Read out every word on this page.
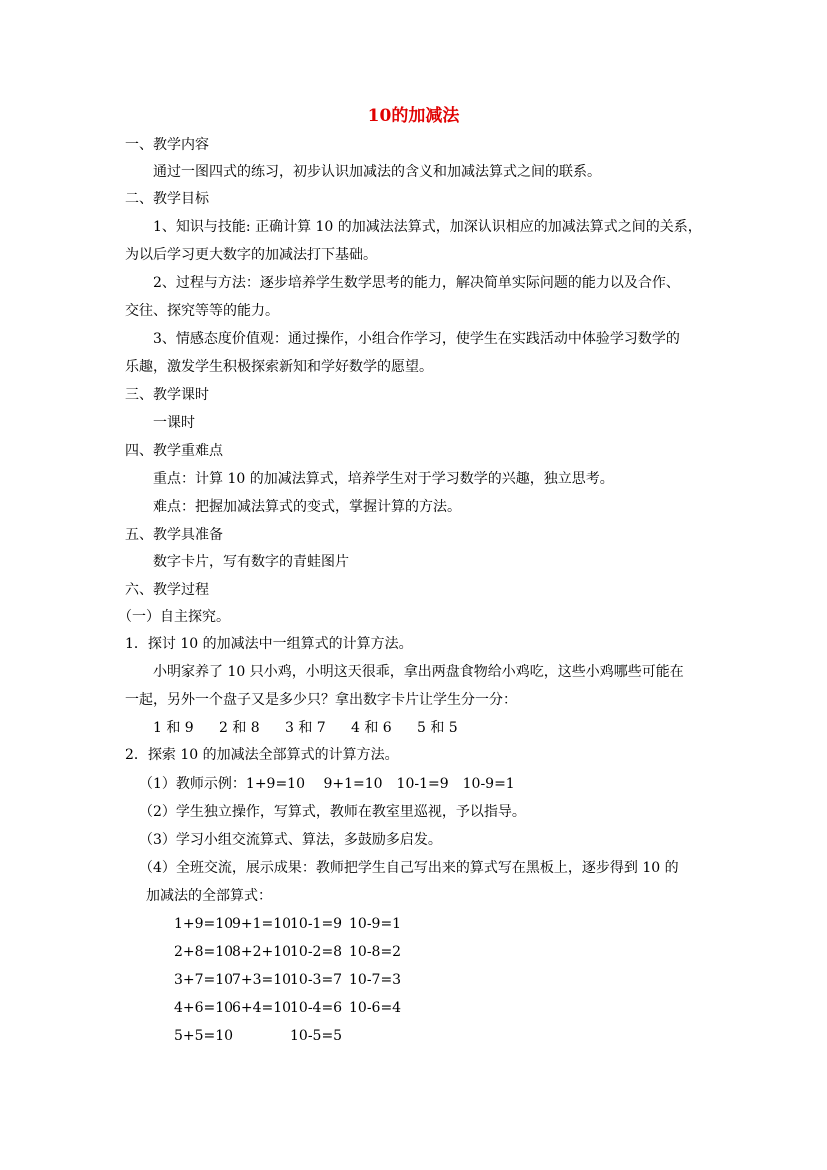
10的加减法
一、教学内容
通过一图四式的练习，初步认识加减法的含义和加减法算式之间的联系。
二、教学目标
1、知识与技能: 正确计算 10 的加减法法算式，加深认识相应的加减法算式之间的关系，
为以后学习更大数字的加减法打下基础。
2、过程与方法：逐步培养学生数学思考的能力，解决简单实际问题的能力以及合作、
交往、探究等等的能力。
3、情感态度价值观：通过操作，小组合作学习，使学生在实践活动中体验学习数学的
乐趣，激发学生积极探索新知和学好数学的愿望。
三、教学课时
一课时
四、教学重难点
重点：计算 10 的加减法算式，培养学生对于学习数学的兴趣，独立思考。
难点：把握加减法算式的变式，掌握计算的方法。
五、教学具准备
数字卡片，写有数字的青蛙图片
六、教学过程
（一）自主探究。
1．探讨 10 的加减法中一组算式的计算方法。
小明家养了 10 只小鸡，小明这天很乖，拿出两盘食物给小鸡吃，这些小鸡哪些可能在
一起，另外一个盘子又是多少只？拿出数字卡片让学生分一分：
1 和 9 2 和 8 3 和 7 4 和 6 5 和 5
2．探索 10 的加减法全部算式的计算方法。
（1）教师示例：1+9=10　 9+1=10　10-1=9　10-9=1
（2）学生独立操作，写算式，教师在教室里巡视，予以指导。
（3）学习小组交流算式、算法，多鼓励多启发。
（4）全班交流，展示成果：教师把学生自己写出来的算式写在黑板上，逐步得到 10 的
加减法的全部算式：
1+9=10
9+1=10
10-1=9 10-9=1
2+8=10
8+2+10
10-2=8 10-8=2
3+7=10
7+3=10
10-3=7 10-7=3
4+6=10
6+4=10
10-4=6 10-6=4
5+5=10	10-5=5
